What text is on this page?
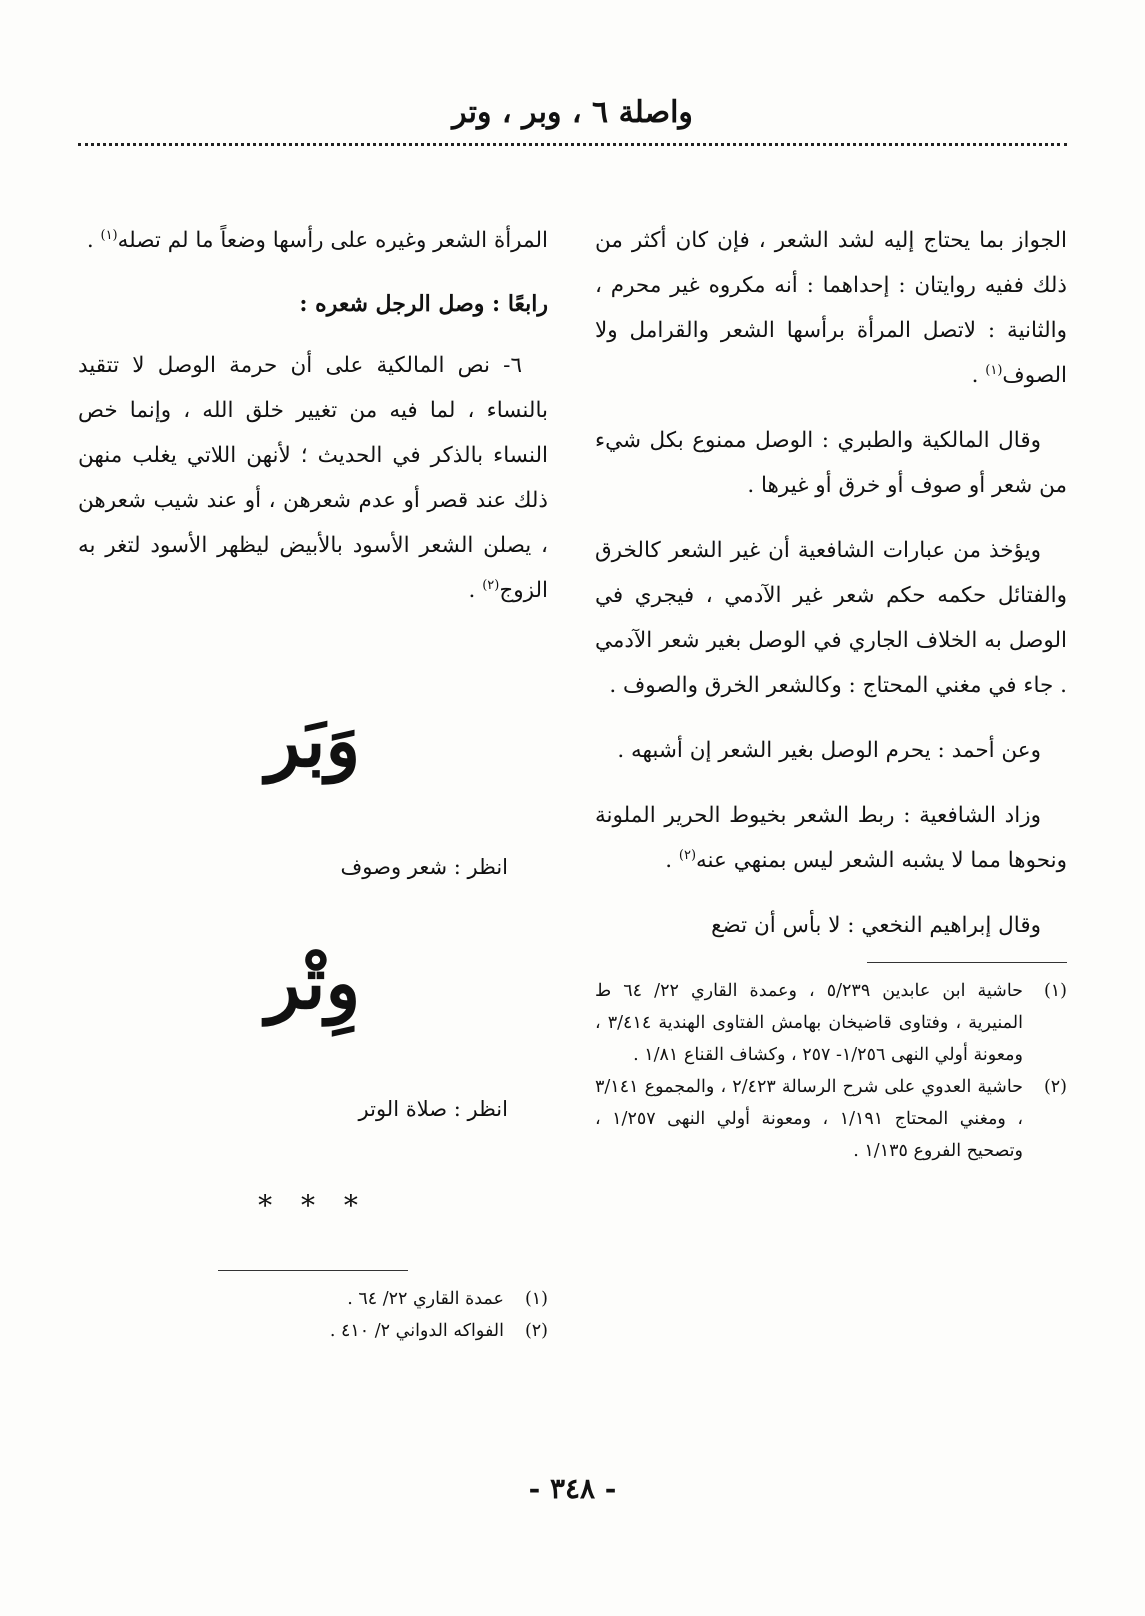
واصلة ٦ ، وبر ، وتر

الجواز بما يحتاج إليه لشد الشعر ، فإن كان أكثر من ذلك ففيه روايتان : إحداهما : أنه مكروه غير محرم ، والثانية : لاتصل المرأة برأسها الشعر والقرامل ولا الصوف$^{(١)}$ .

وقال المالكية والطبري : الوصل ممنوع بكل شيء من شعر أو صوف أو خرق أو غيرها .

ويؤخذ من عبارات الشافعية أن غير الشعر كالخرق والفتائل حكمه حكم شعر غير الآدمي ، فيجري في الوصل به الخلاف الجاري في الوصل بغير شعر الآدمي . جاء في مغني المحتاج : وكالشعر الخرق والصوف .

وعن أحمد : يحرم الوصل بغير الشعر إن أشبهه .

وزاد الشافعية : ربط الشعر بخيوط الحرير الملونة ونحوها مما لا يشبه الشعر ليس بمنهي عنه$^{(٢)}$ .

وقال إبراهيم النخعي : لا بأس أن تضع

(١)
حاشية ابن عابدين ٥/٢٣٩ ، وعمدة القاري ٢٢/ ٦٤ ط المنيرية ، وفتاوى قاضيخان بهامش الفتاوى الهندية ٣/٤١٤ ، ومعونة أولي النهى ١/٢٥٦- ٢٥٧ ، وكشاف القناع ١/٨١ .
(٢)
حاشية العدوي على شرح الرسالة ٢/٤٢٣ ، والمجموع ٣/١٤١ ، ومغني المحتاج ١/١٩١ ، ومعونة أولي النهى ١/٢٥٧ ، وتصحيح الفروع ١/١٣٥ .

المرأة الشعر وغيره على رأسها وضعاً ما لم تصله$^{(١)}$ .

رابعًا : وصل الرجل شعره :

٦- نص المالكية على أن حرمة الوصل لا تتقيد بالنساء ، لما فيه من تغيير خلق الله ، وإنما خص النساء بالذكر في الحديث ؛ لأنهن اللاتي يغلب منهن ذلك عند قصر أو عدم شعرهن ، أو عند شيب شعرهن ، يصلن الشعر الأسود بالأبيض ليظهر الأسود لتغر به الزوج$^{(٢)}$ .

وَبَر

انظر : شعر وصوف

وِتْر

انظر : صلاة الوتر

* * *

(١)
عمدة القاري ٢٢/ ٦٤ .
(٢)
الفواكه الدواني ٢/ ٤١٠ .
- ٣٤٨ -
